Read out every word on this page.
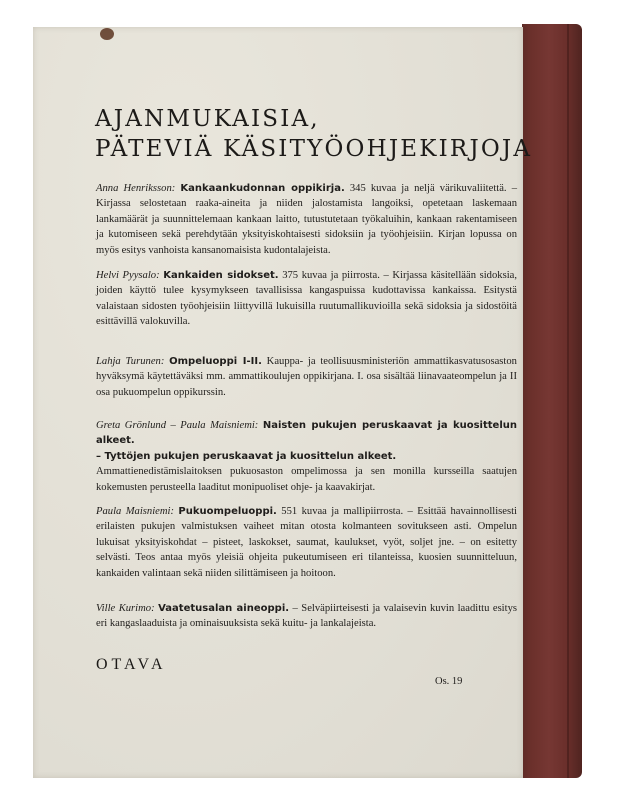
AJANMUKAISIA,
PÄTEVIÄ KÄSITYÖOHJEKIRJOJA
Anna Henriksson: Kankaankudonnan oppikirja. 345 kuvaa ja neljä värikuvaliitettä. – Kirjassa selostetaan raaka-aineita ja niiden jalostamista langoiksi, opetetaan laskemaan lankamäärät ja suunnittelemaan kankaan laitto, tutustutetaan työkaluihin, kankaan rakentamiseen ja kutomiseen sekä perehdytään yksityiskohtaisesti sidoksiin ja työohjeisiin. Kirjan lopussa on myös esitys vanhoista kansanomaisista kudontalajeista.
Helvi Pyysalo: Kankaiden sidokset. 375 kuvaa ja piirrosta. – Kirjassa käsitellään sidoksia, joiden käyttö tulee kysymykseen tavallisissa kangaspuissa kudottavissa kankaissa. Esitystä valaistaan sidosten työohjeisiin liittyvillä lukuisilla ruutumallikuvioilla sekä sidoksia ja sidostöitä esittävillä valokuvilla.
Lahja Turunen: Ompeluoppi I-II. Kauppa- ja teollisuusministeriön ammattikasvatusosaston hyväksymä käytettäväksi mm. ammattikoulujen oppikirjana. I. osa sisältää liinavaateompelun ja II osa pukuompelun oppikurssin.
Greta Grönlund – Paula Maisniemi: Naisten pukujen peruskaavat ja kuosittelun alkeet.
– Tyttöjen pukujen peruskaavat ja kuosittelun alkeet.
Ammattienedistämislaitoksen pukuosaston ompelimossa ja sen monilla kursseilla saatujen kokemusten perusteella laaditut monipuoliset ohje- ja kaavakirjat.
Paula Maisniemi: Pukuompeluoppi. 551 kuvaa ja mallipiirrosta. – Esittää havainnollisesti erilaisten pukujen valmistuksen vaiheet mitan otosta kolmanteen sovitukseen asti. Ompelun lukuisat yksityiskohdat – pisteet, laskokset, saumat, kaulukset, vyöt, soljet jne. – on esitetty selvästi. Teos antaa myös yleisiä ohjeita pukeutumiseen eri tilanteissa, kuosien suunnitteluun, kankaiden valintaan sekä niiden silittämiseen ja hoitoon.
Ville Kurimo: Vaatetusalan aineoppi. – Selväpiirteisesti ja valaisevin kuvin laadittu esitys eri kangaslaaduista ja ominaisuuksista sekä kuitu- ja lankalajeista.
OTAVA
Os. 19
